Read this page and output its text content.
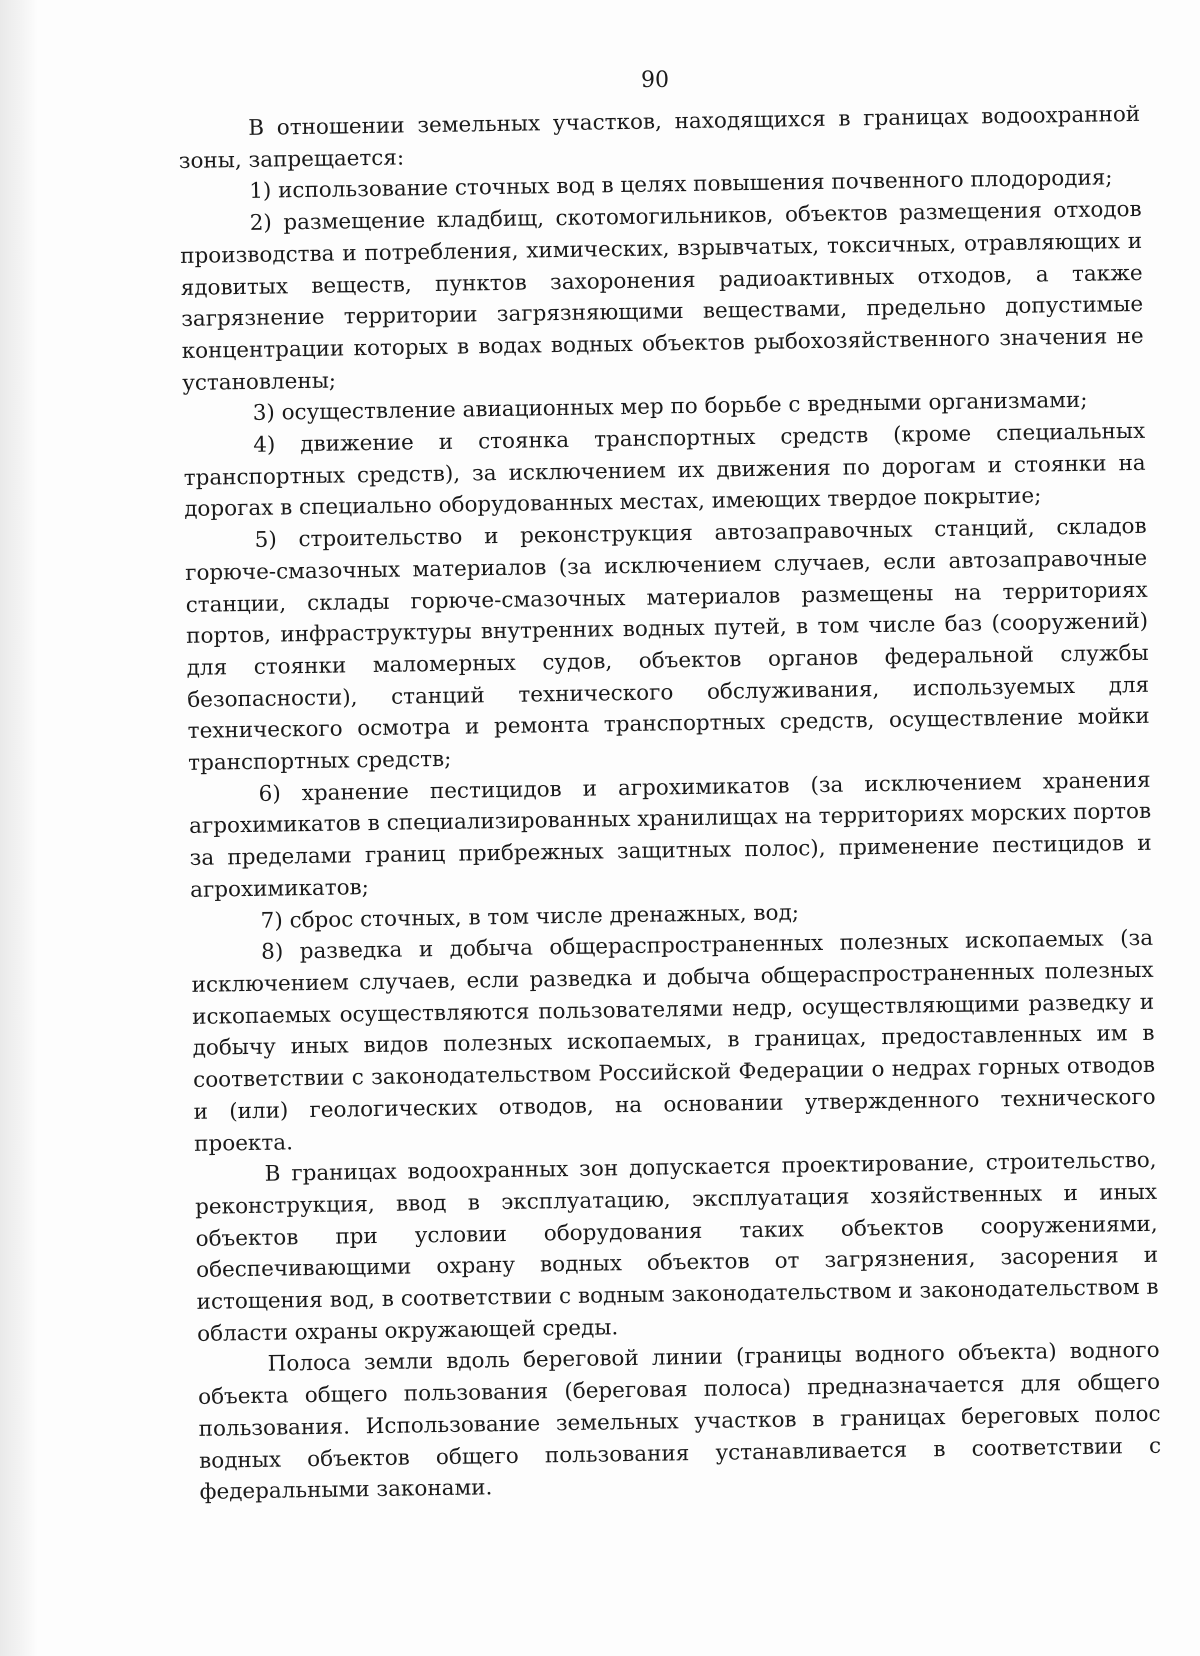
90

В отношении земельных участков, находящихся в границах водоохранной зоны, запрещается:

1) использование сточных вод в целях повышения почвенного плодородия;

2) размещение кладбищ, скотомогильников, объектов размещения отходов производства и потребления, химических, взрывчатых, токсичных, отравляющих и ядовитых веществ, пунктов захоронения радиоактивных отходов, а также загрязнение территории загрязняющими веществами, предельно допустимые концентрации которых в водах водных объектов рыбохозяйственного значения не установлены;

3) осуществление авиационных мер по борьбе с вредными организмами;

4) движение и стоянка транспортных средств (кроме специальных транспортных средств), за исключением их движения по дорогам и стоянки на дорогах в специально оборудованных местах, имеющих твердое покрытие;

5) строительство и реконструкция автозаправочных станций, складов горюче-смазочных материалов (за исключением случаев, если автозаправочные станции, склады горюче-смазочных материалов размещены на территориях портов, инфраструктуры внутренних водных путей, в том числе баз (сооружений) для стоянки маломерных судов, объектов органов федеральной службы безопасности), станций технического обслуживания, используемых для технического осмотра и ремонта транспортных средств, осуществление мойки транспортных средств;

6) хранение пестицидов и агрохимикатов (за исключением хранения агрохимикатов в специализированных хранилищах на территориях морских портов за пределами границ прибрежных защитных полос), применение пестицидов и агрохимикатов;

7) сброс сточных, в том числе дренажных, вод;

8) разведка и добыча общераспространенных полезных ископаемых (за исключением случаев, если разведка и добыча общераспространенных полезных ископаемых осуществляются пользователями недр, осуществляющими разведку и добычу иных видов полезных ископаемых, в границах, предоставленных им в соответствии с законодательством Российской Федерации о недрах горных отводов и (или) геологических отводов, на основании утвержденного технического проекта.

В границах водоохранных зон допускается проектирование, строительство, реконструкция, ввод в эксплуатацию, эксплуатация хозяйственных и иных объектов при условии оборудования таких объектов сооружениями, обеспечивающими охрану водных объектов от загрязнения, засорения и истощения вод, в соответствии с водным законодательством и законодательством в области охраны окружающей среды.

Полоса земли вдоль береговой линии (границы водного объекта) водного объекта общего пользования (береговая полоса) предназначается для общего пользования. Использование земельных участков в границах береговых полос водных объектов общего пользования устанавливается в соответствии с федеральными законами.
